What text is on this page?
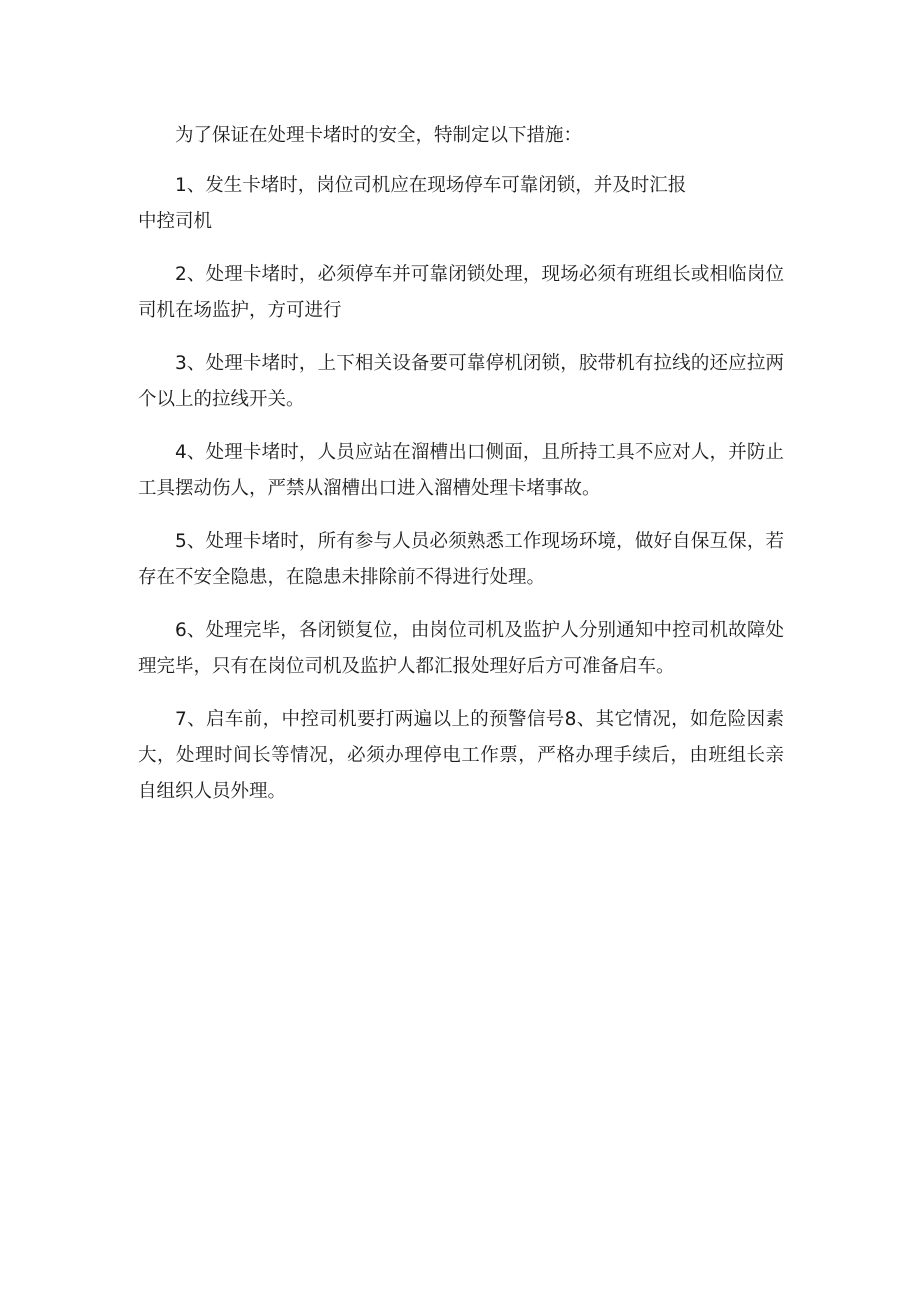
为了保证在处理卡堵时的安全，特制定以下措施：

1、发生卡堵时，岗位司机应在现场停车可靠闭锁，并及时汇报
中控司机

2、处理卡堵时，必须停车并可靠闭锁处理，现场必须有班组长或相临岗位司机在场监护，方可进行

3、处理卡堵时，上下相关设备要可靠停机闭锁，胶带机有拉线的还应拉两个以上的拉线开关。

4、处理卡堵时，人员应站在溜槽出口侧面，且所持工具不应对人，并防止工具摆动伤人，严禁从溜槽出口进入溜槽处理卡堵事故。

5、处理卡堵时，所有参与人员必须熟悉工作现场环境，做好自保互保，若存在不安全隐患，在隐患未排除前不得进行处理。

6、处理完毕，各闭锁复位，由岗位司机及监护人分别通知中控司机故障处理完毕，只有在岗位司机及监护人都汇报处理好后方可准备启车。

7、启车前，中控司机要打两遍以上的预警信号8、其它情况，如危险因素大，处理时间长等情况，必须办理停电工作票，严格办理手续后，由班组长亲自组织人员外理。
